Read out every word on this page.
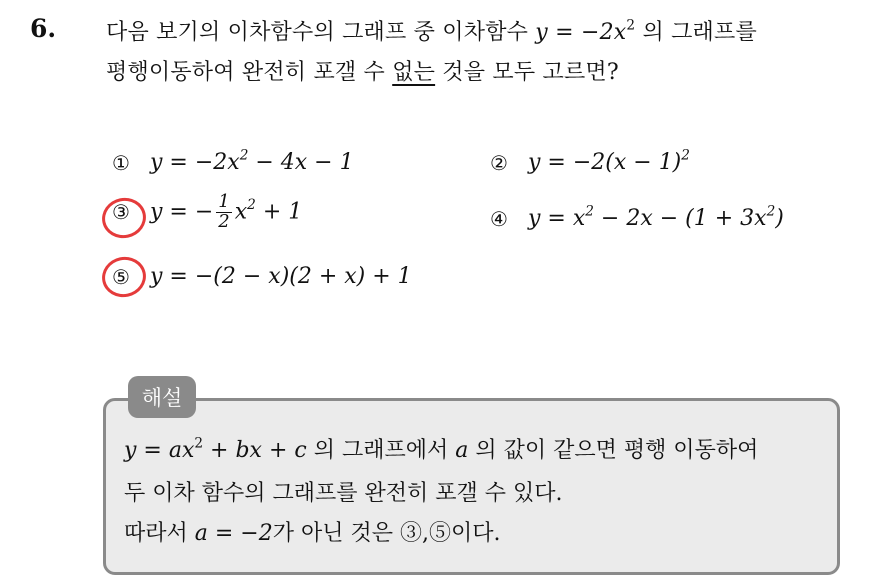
6. 다음 보기의 이차함수의 그래프 중 이차함수 $y = -2x^2$ 의 그래프를
평행이동하여 완전히 포갤 수 없는 것을 모두 고르면?
① $y = -2x^2 - 4x - 1$	② $y = -2(x - 1)^2$
③ y = − $\frac{1}{2} x^2 + 1$	④ $y = x^2 - 2x - (1 + 3x^2)$
⑤ y = −(2 − x)(2 + x) + 1
해설
$y = ax^2$ + bx + c 의 그래프에서 a 의 값이 같으면 평행 이동하여
두 이차 함수의 그래프를 완전히 포갤 수 있다.
따라서 a = −2가 아닌 것은 ③,⑤이다.
